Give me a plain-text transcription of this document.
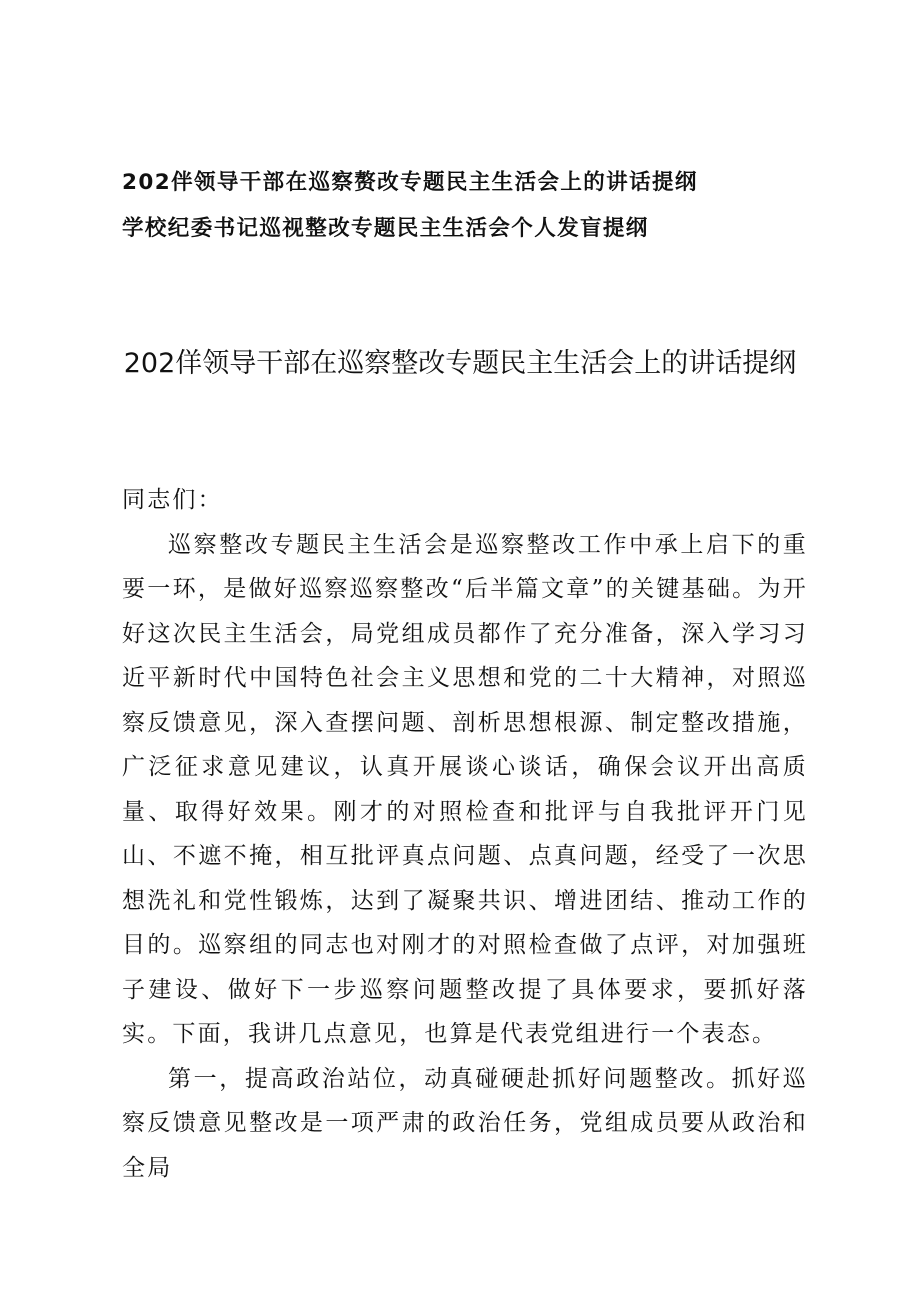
202伴领导干部在巡察赘改专题民主生活会上的讲话提纲
学校纪委书记巡视整改专题民主生活会个人发盲提纲
202佯领导干部在巡察整改专题民主生活会上的讲话提纲

同志们：

巡察整改专题民主生活会是巡察整改工作中承上启下的重要一环，是做好巡察巡察整改“后半篇文章”的关键基础。为开好这次民主生活会，局党组成员都作了充分准备，深入学习习近平新时代中国特色社会主义思想和党的二十大精神，对照巡察反馈意见，深入查摆问题、剖析思想根源、制定整改措施，广泛征求意见建议，认真开展谈心谈话，确保会议开出高质量、取得好效果。刚才的对照检查和批评与自我批评开门见山、不遮不掩，相互批评真点问题、点真问题，经受了一次思想洗礼和党性锻炼，达到了凝聚共识、增进团结、推动工作的目的。巡察组的同志也对刚才的对照检查做了点评，对加强班子建设、做好下一步巡察问题整改提了具体要求，要抓好落实。下面，我讲几点意见，也算是代表党组进行一个表态。

第一，提高政治站位，动真碰硬赴抓好问题整改。抓好巡察反馈意见整改是一项严肃的政治任务，党组成员要从政治和全局
